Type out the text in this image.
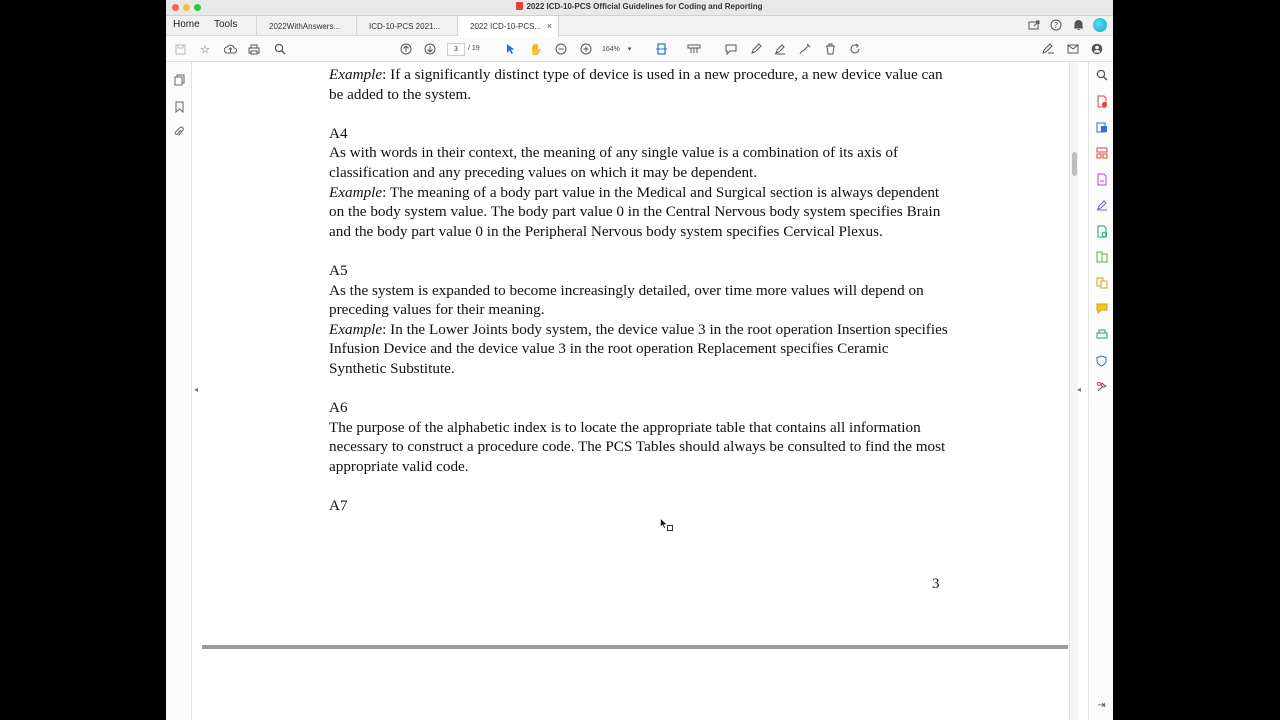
2022 ICD-10-PCS Official Guidelines for Coding and Reporting
Home Tools	2022WithAnswers...	ICD-10-PCS 2021...	2022 ICD-10-PCS... ×	?
☆	3	/ 19	✋	164% ▾
◂

Example: If a significantly distinct type of device is used in a new procedure, a new device value can be added to the system.

A4

As with words in their context, the meaning of any single value is a combination of its axis of classification and any preceding values on which it may be dependent.

Example: The meaning of a body part value in the Medical and Surgical section is always dependent on the body system value. The body part value 0 in the Central Nervous body system specifies Brain and the body part value 0 in the Peripheral Nervous body system specifies Cervical Plexus.

A5

As the system is expanded to become increasingly detailed, over time more values will depend on preceding values for their meaning.

Example: In the Lower Joints body system, the device value 3 in the root operation Insertion specifies Infusion Device and the device value 3 in the root operation Replacement specifies Ceramic Synthetic Substitute.

A6

The purpose of the alphabetic index is to locate the appropriate table that contains all information necessary to construct a procedure code. The PCS Tables should always be consulted to find the most appropriate valid code.

A7

3
◂
⇥
